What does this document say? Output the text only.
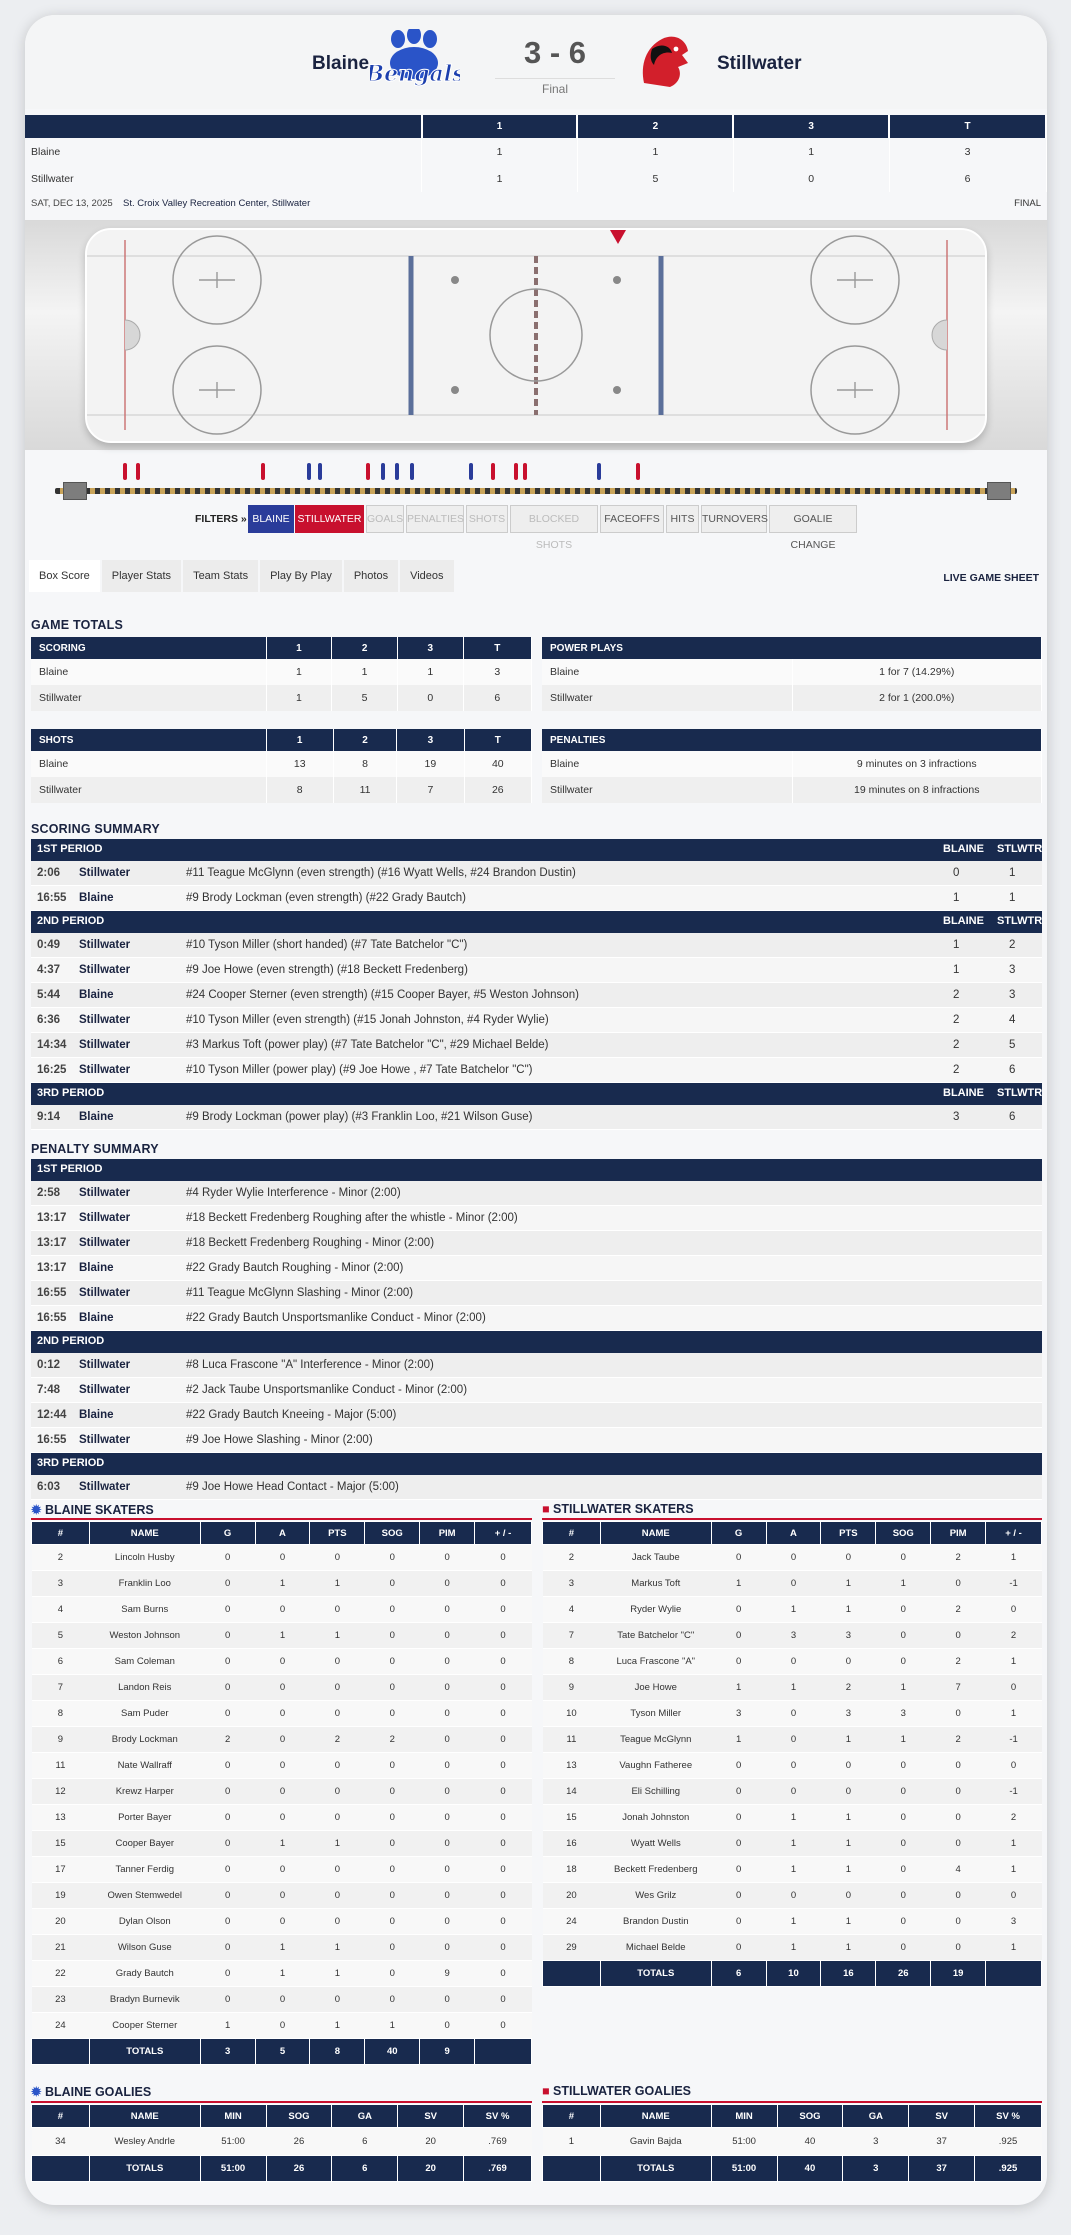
Blaine
Bengals
3 - 6
Final
Stillwater
	1	2	3	T
Blaine	1	1	1	3
Stillwater	1	5	0	6
SAT, DEC 13, 2025 St. Croix Valley Recreation Center, Stillwater	FINAL
FILTERS » BLAINE STILLWATER GOALS PENALTIES SHOTS	BLOCKED SHOTS
FACEOFFS	HITS TURNOVERS	GOALIE CHANGE
Box Score Player Stats Team Stats Play By Play Photos Videos	LIVE GAME SHEET
GAME TOTALS
SCORING	1	2	3	T
Blaine	1	1	1	3
Stillwater	1	5	0	6
POWER PLAYS	
Blaine	1 for 7 (14.29%)
Stillwater	2 for 1 (200.0%)
SHOTS	1	2	3	T
Blaine	13	8	19	40
Stillwater	8	11	7	26
PENALTIES	
Blaine	9 minutes on 3 infractions
Stillwater	19 minutes on 8 infractions
SCORING SUMMARY
1ST PERIOD	BLAINE STLWTR
2:06 Stillwater	#11 Teague McGlynn (even strength) (#16 Wyatt Wells, #24 Brandon Dustin)	0	1
16:55 Blaine	#9 Brody Lockman (even strength) (#22 Grady Bautch)	1	1
2ND PERIOD	BLAINE STLWTR
0:49 Stillwater	#10 Tyson Miller (short handed) (#7 Tate Batchelor "C")	1	2
4:37 Stillwater	#9 Joe Howe (even strength) (#18 Beckett Fredenberg)	1	3
5:44 Blaine	#24 Cooper Sterner (even strength) (#15 Cooper Bayer, #5 Weston Johnson)	2	3
6:36 Stillwater	#10 Tyson Miller (even strength) (#15 Jonah Johnston, #4 Ryder Wylie)	2	4
14:34 Stillwater	#3 Markus Toft (power play) (#7 Tate Batchelor "C", #29 Michael Belde)	2	5
16:25 Stillwater	#10 Tyson Miller (power play) (#9 Joe Howe , #7 Tate Batchelor "C")	2	6
3RD PERIOD	BLAINE STLWTR
9:14 Blaine	#9 Brody Lockman (power play) (#3 Franklin Loo, #21 Wilson Guse)	3	6
PENALTY SUMMARY
1ST PERIOD
2:58 Stillwater	#4 Ryder Wylie Interference - Minor (2:00)
13:17 Stillwater	#18 Beckett Fredenberg Roughing after the whistle - Minor (2:00)
13:17 Stillwater	#18 Beckett Fredenberg Roughing - Minor (2:00)
13:17 Blaine	#22 Grady Bautch Roughing - Minor (2:00)
16:55 Stillwater	#11 Teague McGlynn Slashing - Minor (2:00)
16:55 Blaine	#22 Grady Bautch Unsportsmanlike Conduct - Minor (2:00)
2ND PERIOD
0:12 Stillwater	#8 Luca Frascone "A" Interference - Minor (2:00)
7:48 Stillwater	#2 Jack Taube Unsportsmanlike Conduct - Minor (2:00)
12:44 Blaine	#22 Grady Bautch Kneeing - Major (5:00)
16:55 Stillwater	#9 Joe Howe Slashing - Minor (2:00)
3RD PERIOD
6:03 Stillwater	#9 Joe Howe Head Contact - Major (5:00)
✹ BLAINE SKATERS	■ STILLWATER SKATERS
#	NAME	G	A	PTS	SOG	PIM	+ / -
2	Lincoln Husby	0	0	0	0	0	0
3	Franklin Loo	0	1	1	0	0	0
4	Sam Burns	0	0	0	0	0	0
5	Weston Johnson	0	1	1	0	0	0
6	Sam Coleman	0	0	0	0	0	0
7	Landon Reis	0	0	0	0	0	0
8	Sam Puder	0	0	0	0	0	0
9	Brody Lockman	2	0	2	2	0	0
11	Nate Wallraff	0	0	0	0	0	0
12	Krewz Harper	0	0	0	0	0	0
13	Porter Bayer	0	0	0	0	0	0
15	Cooper Bayer	0	1	1	0	0	0
17	Tanner Ferdig	0	0	0	0	0	0
19	Owen Stemwedel	0	0	0	0	0	0
20	Dylan Olson	0	0	0	0	0	0
21	Wilson Guse	0	1	1	0	0	0
22	Grady Bautch	0	1	1	0	9	0
23	Bradyn Burnevik	0	0	0	0	0	0
24	Cooper Sterner	1	0	1	1	0	0
	TOTALS	3	5	8	40	9	
#	NAME	G	A	PTS	SOG	PIM	+ / -
2	Jack Taube	0	0	0	0	2	1
3	Markus Toft	1	0	1	1	0	-1
4	Ryder Wylie	0	1	1	0	2	0
7	Tate Batchelor "C"	0	3	3	0	0	2
8	Luca Frascone "A"	0	0	0	0	2	1
9	Joe Howe	1	1	2	1	7	0
10	Tyson Miller	3	0	3	3	0	1
11	Teague McGlynn	1	0	1	1	2	-1
13	Vaughn Fatheree	0	0	0	0	0	0
14	Eli Schilling	0	0	0	0	0	-1
15	Jonah Johnston	0	1	1	0	0	2
16	Wyatt Wells	0	1	1	0	0	1
18	Beckett Fredenberg	0	1	1	0	4	1
20	Wes Grilz	0	0	0	0	0	0
24	Brandon Dustin	0	1	1	0	0	3
29	Michael Belde	0	1	1	0	0	1
	TOTALS	6	10	16	26	19	
✹ BLAINE GOALIES	■ STILLWATER GOALIES
#	NAME	MIN	SOG	GA	SV	SV %
34	Wesley Andrle	51:00	26	6	20	.769
	TOTALS	51:00	26	6	20	.769
#	NAME	MIN	SOG	GA	SV	SV %
1	Gavin Bajda	51:00	40	3	37	.925
	TOTALS	51:00	40	3	37	.925
